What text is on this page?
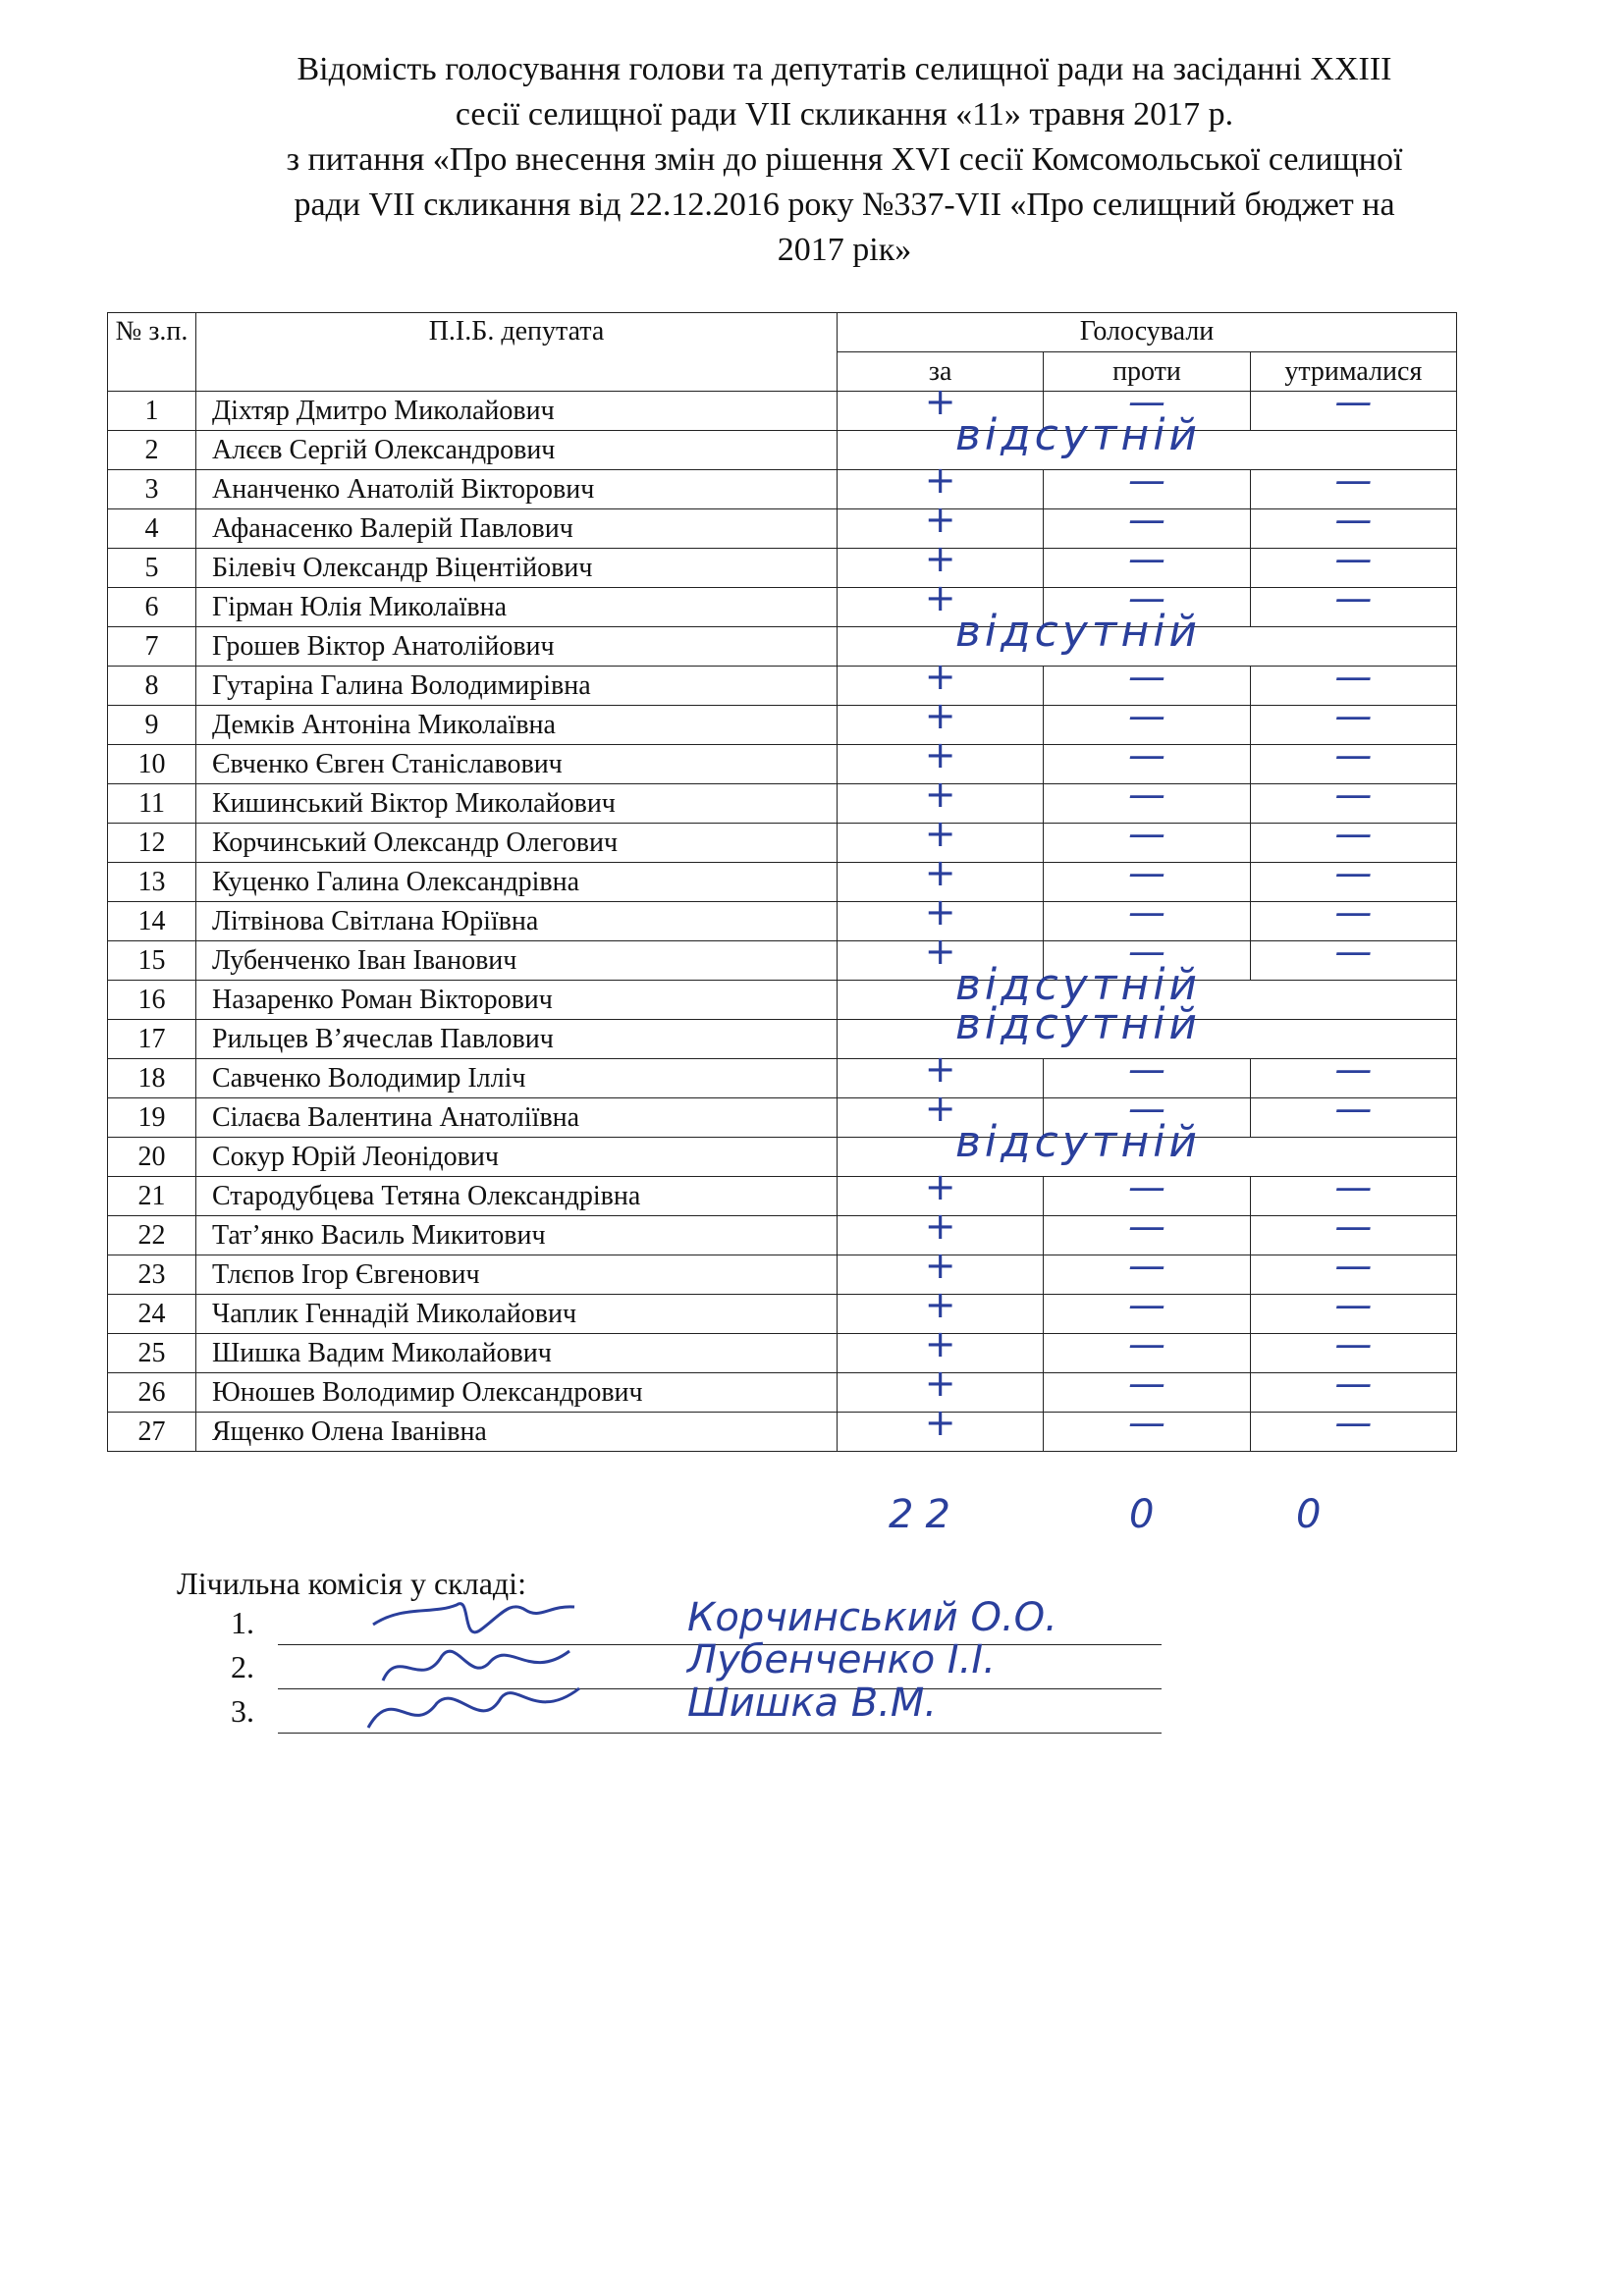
Відомість голосування голови та депутатів селищної ради на засіданні ХХІІІ
сесії селищної ради VII скликання «11» травня 2017 р.
з питання «Про внесення змін до рішення ХVІ сесії Комсомольської селищної
ради VII скликання від 22.12.2016 року №337-VII «Про селищний бюджет на
2017 рік»
№ з.п.	П.І.Б. депутата	Голосували		
		за	проти	утрималися
1	Діхтяр Дмитро Миколайович	+	—	—

2	Алєєв Сергій Олександрович	відсутній		

3	Ананченко Анатолій Вікторович	+	—	—

4	Афанасенко Валерій Павлович	+	—	—

5	Білевіч Олександр Віцентійович	+	—	—

6	Гірман Юлія Миколаївна	+	—	—

7	Грошев Віктор Анатолійович	відсутній		

8	Гутаріна Галина Володимирівна	+	—	—

9	Демків Антоніна Миколаївна	+	—	—

10	Євченко Євген Станіславович	+	—	—

11	Кишинський Віктор Миколайович	+	—	—

12	Корчинський Олександр Олегович	+	—	—

13	Куценко Галина Олександрівна	+	—	—

14	Літвінова Світлана Юріївна	+	—	—

15	Лубенченко Іван Іванович	+	—	—

16	Назаренко Роман Вікторович	відсутній		

17	Рильцев В’ячеслав Павлович	відсутній		

18	Савченко Володимир Ілліч	+	—	—

19	Сілаєва Валентина Анатоліївна	+	—	—

20	Сокур Юрій Леонідович	відсутній		

21	Стародубцева Тетяна Олександрівна	+	—	—

22	Тат’янко Василь Микитович	+	—	—

23	Тлєпов Ігор Євгенович	+	—	—

24	Чаплик Геннадій Миколайович	+	—	—

25	Шишка Вадим Миколайович	+	—	—

26	Юношев Володимир Олександрович	+	—	—

27	Ященко Олена Іванівна	+	—	—
22	0	0
Лічильна комісія у складі:
1.	Корчинський О.О.
2.	Лубенченко І.І.
3.	Шишка В.М.
